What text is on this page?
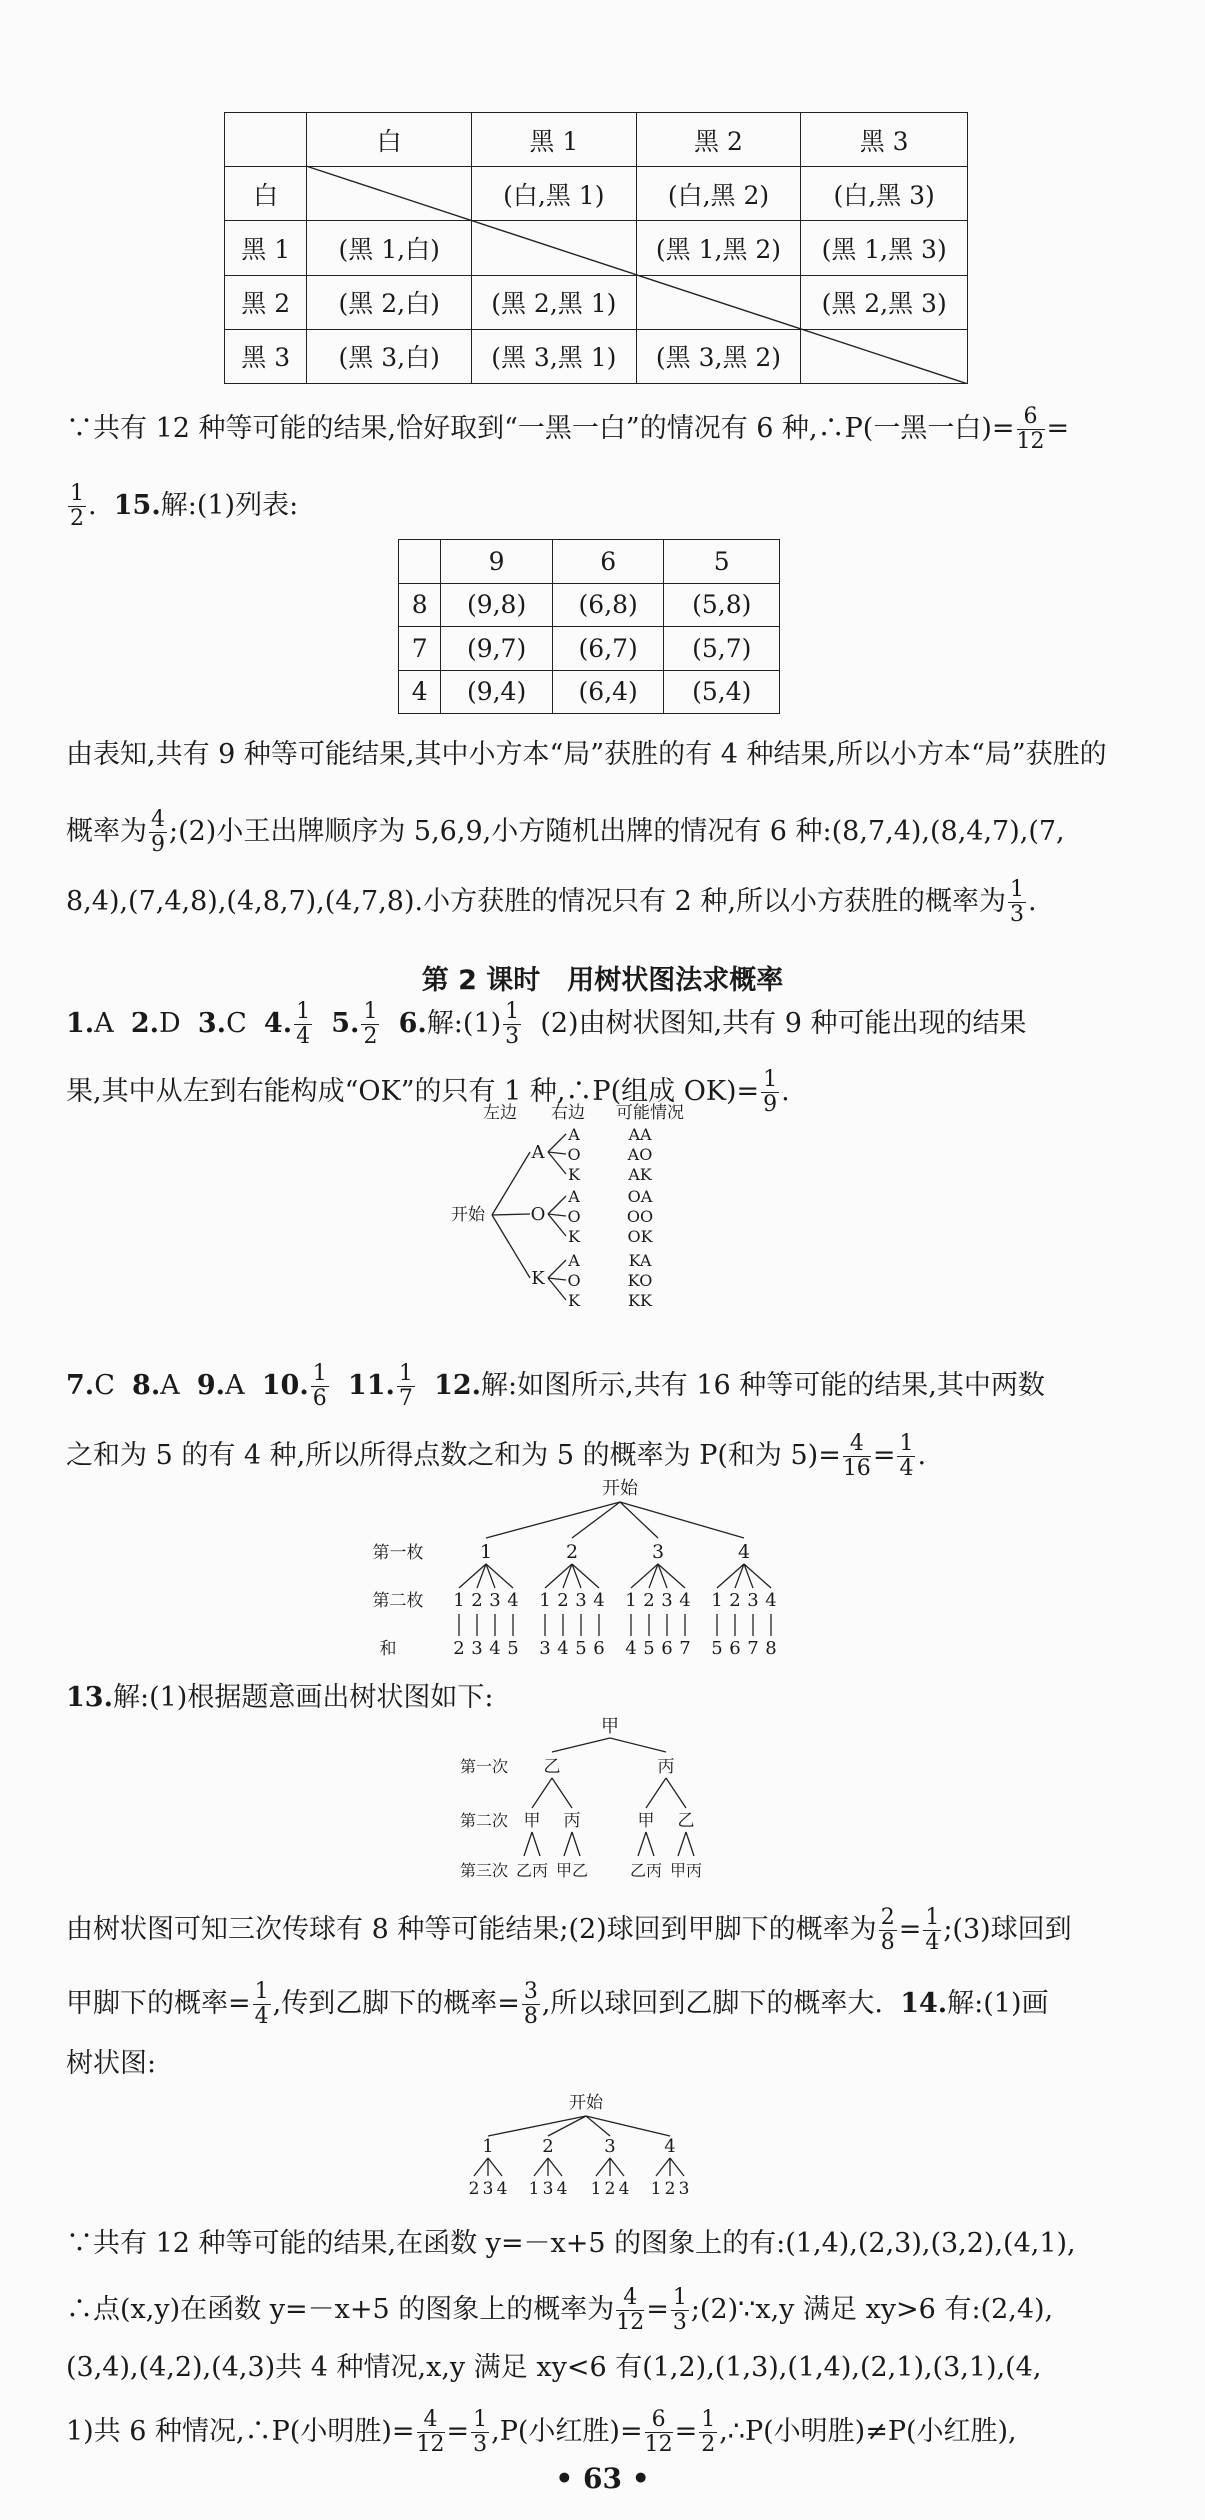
	白	黑 1	黑 2	黑 3
白		(白,黑 1)	(白,黑 2)	(白,黑 3)
黑 1	(黑 1,白)		(黑 1,黑 2)	(黑 1,黑 3)
黑 2	(黑 2,白)	(黑 2,黑 1)		(黑 2,黑 3)
黑 3	(黑 3,白)	(黑 3,黑 1)	(黑 3,黑 2)	
∵共有 12 种等可能的结果,恰好取到“一黑一白”的情况有 6 种,∴P(一黑一白)= $\frac{6}{12}$ =
$\frac{1}{2}$ . 15.解:(1)列表:
	9	6	5
8	(9,8)	(6,8)	(5,8)
7	(9,7)	(6,7)	(5,7)
4	(9,4)	(6,4)	(5,4)
由表知,共有 9 种等可能结果,其中小方本“局”获胜的有 4 种结果,所以小方本“局”获胜的
概率为 $\frac{4}{9}$ ;(2)小王出牌顺序为 5,6,9,小方随机出牌的情况有 6 种:(8,7,4),(8,4,7),(7,
8,4),(7,4,8),(4,8,7),(4,7,8).小方获胜的情况只有 2 种,所以小方获胜的概率为 $\frac{1}{3}$ .
第 2 课时　用树状图法求概率
1.A 2.D 3.C 4. $\frac{1}{4} 5$. $\frac{1}{2} 6$.解:(1) $\frac{1}{3} (2)$由树状图知,共有 9 种可能出现的结果
果,其中从左到右能构成“OK”的只有 1 种,∴P(组成 $OK)= \frac{1}{9}$ .
左边 右边 可能情况
开始
A
A	AA
O	AO
K	AK
O
A	OA
O	OO
K	OK
K
A	KA
O	KO
K	KK
7.C 8.A 9.A 10. $\frac{1}{6} 11$. $\frac{1}{7} 12$.解:如图所示,共有 16 种等可能的结果,其中两数
之和为 5 的有 4 种,所以所得点数之和为 5 的概率为 P(和为 $5)= \frac{4}{16} = \frac{1}{4}$ .
开始
第一枚
第二枚
和
1
1
2
2
3
3
4
4
5
2
1
3
2
4
3
5
4
6
3
1
4
2
5
3
6
4
7
4
1
5
2
6
3
7
4
8
13.解:(1)根据题意画出树状图如下:
甲
第一次
第二次
第三次
乙	丙
甲 丙	甲 乙
乙丙 甲乙	乙丙 甲丙
由树状图可知三次传球有 8 种等可能结果;(2)球回到甲脚下的概率为 $\frac{2}{8} = \frac{1}{4}$ ;(3)球回到
甲脚下的概率= $\frac{1}{4}$ ,传到乙脚下的概率= $\frac{3}{8}$ ,所以球回到乙脚下的概率大. 14.解:(1)画
树状图:
开始
1
2 3 4
2
1 3 4
3
1 2 4
4
1 2 3
∵共有 12 种等可能的结果,在函数 y=－x+5 的图象上的有:(1,4),(2,3),(3,2),(4,1),
∴点(x,y)在函数 y=－x+5 的图象上的概率为 $\frac{4}{12} = \frac{1}{3}$ ;(2)∵x,y 满足 xy>6 有:(2,4),
(3,4),(4,2),(4,3)共 4 种情况,x,y 满足 xy<6 有(1,2),(1,3),(1,4),(2,1),(3,1),(4,
1)共 6 种情况,∴P(小明胜)= $\frac{4}{12} = \frac{1}{3} ,P$(小红胜)= $\frac{6}{12} = \frac{1}{2}$ ,∴P(小明胜)≠P(小红胜),
• 63 •
